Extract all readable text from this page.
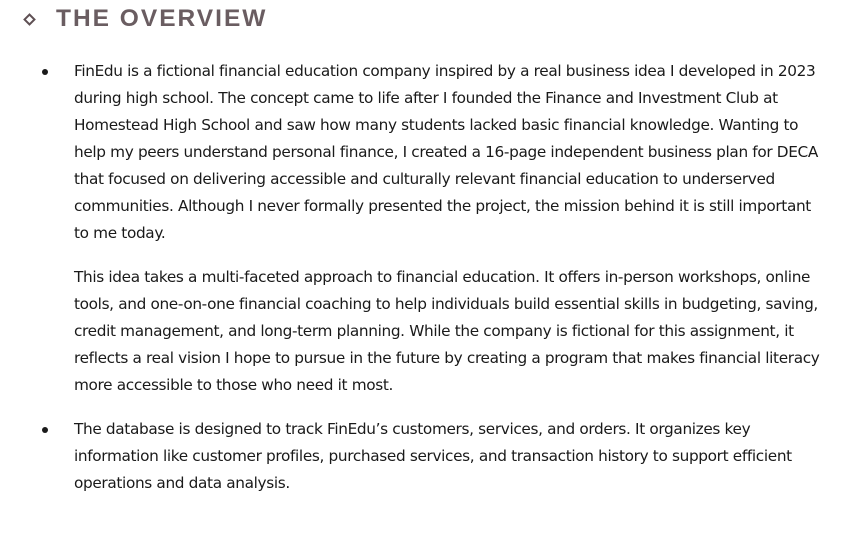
THE OVERVIEW

FinEdu is a fictional financial education company inspired by a real business idea I developed in 2023 during high school. The concept came to life after I founded the Finance and Investment Club at Homestead High School and saw how many students lacked basic financial knowledge. Wanting to help my peers understand personal finance, I created a 16-page independent business plan for DECA that focused on delivering accessible and culturally relevant financial education to underserved communities. Although I never formally presented the project, the mission behind it is still important to me today.

This idea takes a multi-faceted approach to financial education. It offers in-person workshops, online tools, and one-on-one financial coaching to help individuals build essential skills in budgeting, saving, credit management, and long-term planning. While the company is fictional for this assignment, it reflects a real vision I hope to pursue in the future by creating a program that makes financial literacy more accessible to those who need it most.

The database is designed to track FinEdu’s customers, services, and orders. It organizes key information like customer profiles, purchased services, and transaction history to support efficient operations and data analysis.
